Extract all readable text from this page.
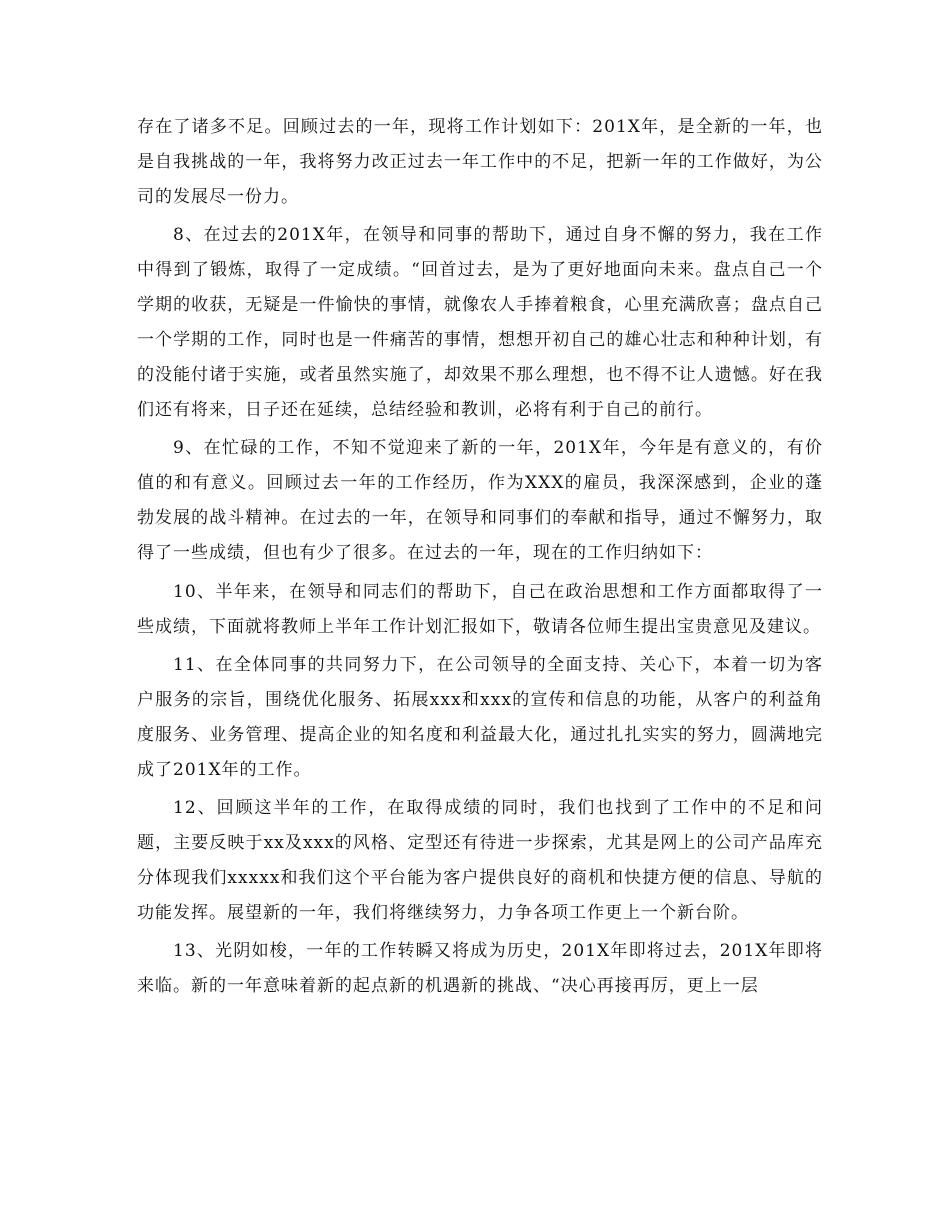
存在了诸多不足。回顾过去的一年，现将工作计划如下：201X年，是全新的一年，也是自我挑战的一年，我将努力改正过去一年工作中的不足，把新一年的工作做好，为公司的发展尽一份力。

8、在过去的201X年，在领导和同事的帮助下，通过自身不懈的努力，我在工作中得到了锻炼，取得了一定成绩。“回首过去，是为了更好地面向未来。盘点自己一个学期的收获，无疑是一件愉快的事情，就像农人手捧着粮食，心里充满欣喜；盘点自己一个学期的工作，同时也是一件痛苦的事情，想想开初自己的雄心壮志和种种计划，有的没能付诸于实施，或者虽然实施了，却效果不那么理想，也不得不让人遗憾。好在我们还有将来，日子还在延续，总结经验和教训，必将有利于自己的前行。

9、在忙碌的工作，不知不觉迎来了新的一年，201X年，今年是有意义的，有价值的和有意义。回顾过去一年的工作经历，作为XXX的雇员，我深深感到，企业的蓬勃发展的战斗精神。在过去的一年，在领导和同事们的奉献和指导，通过不懈努力，取得了一些成绩，但也有少了很多。在过去的一年，现在的工作归纳如下：

10、半年来，在领导和同志们的帮助下，自己在政治思想和工作方面都取得了一些成绩，下面就将教师上半年工作计划汇报如下，敬请各位师生提出宝贵意见及建议。

11、在全体同事的共同努力下，在公司领导的全面支持、关心下，本着一切为客户服务的宗旨，围绕优化服务、拓展xxx和xxx的宣传和信息的功能，从客户的利益角度服务、业务管理、提高企业的知名度和利益最大化，通过扎扎实实的努力，圆满地完成了201X年的工作。

12、回顾这半年的工作，在取得成绩的同时，我们也找到了工作中的不足和问题，主要反映于xx及xxx的风格、定型还有待进一步探索，尤其是网上的公司产品库充分体现我们xxxxx和我们这个平台能为客户提供良好的商机和快捷方便的信息、导航的功能发挥。展望新的一年，我们将继续努力，力争各项工作更上一个新台阶。

13、光阴如梭，一年的工作转瞬又将成为历史，201X年即将过去，201X年即将来临。新的一年意味着新的起点新的机遇新的挑战、“决心再接再厉，更上一层
